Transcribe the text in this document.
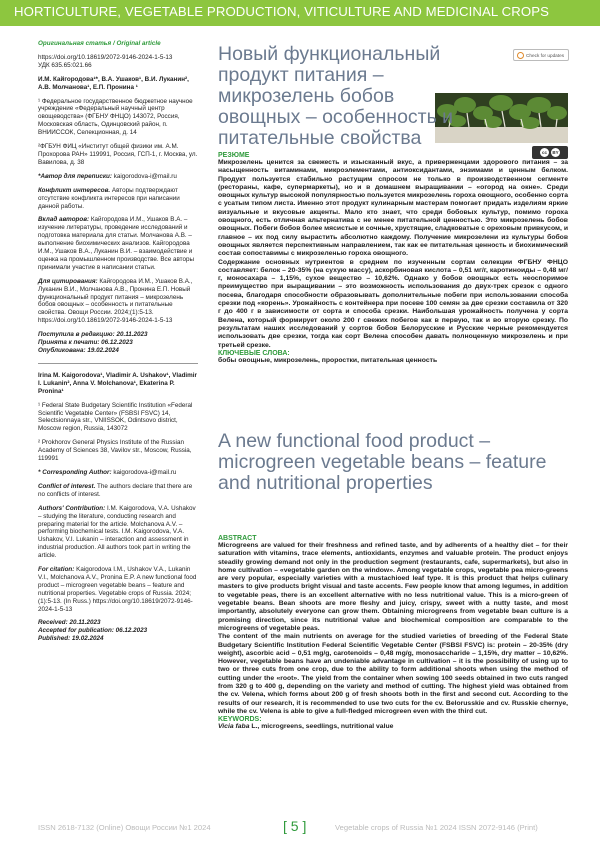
HORTICULTURE, VEGETABLE PRODUCTION, VITICULTURE AND MEDICINAL CROPS

Оригинальная статья / Original article

https://doi.org/10.18619/2072-9146-2024-1-5-13
УДК 635.65:021.66

И.М. Кайгородова¹*, В.А. Ушаков¹, В.И. Луканин², А.В. Молчанова¹, Е.П. Пронина ¹

¹ Федеральное государственное бюджетное научное учреждение «Федеральный научный центр овощеводства» (ФГБНУ ФНЦО) 143072, Россия, Московская область, Одинцовский район, п. ВНИИССОК, Селекционная, д. 14

²ФГБУН ФИЦ «Институт общей физики им. А.М. Прохорова РАН» 119991, Россия, ГСП-1, г. Москва, ул. Вавилова, д. 38

*Автор для переписки: kaigorodova-i@mail.ru

Конфликт интересов. Авторы подтверждают отсутствие конфликта интересов при написании данной работы.

Вклад авторов: Кайгородова И.М., Ушаков В.А. – изучение литературы, проведение исследований и подготовка материала для статьи. Молчанова А.В. – выполнение биохимических анализов. Кайгородова И.М., Ушаков В.А., Луканин В.И. – взаимодействие и оценка на промышленном производстве. Все авторы принимали участие в написании статьи.

Для цитирования: Кайгородова И.М., Ушаков В.А., Луканин В.И., Молчанова А.В., Пронина Е.П. Новый функциональный продукт питания – микрозелень бобов овощных – особенность и питательные свойства. Овощи России. 2024;(1):5-13. https://doi.org/10.18619/2072-9146-2024-1-5-13

Поступила в редакцию: 20.11.2023
Принята к печати: 06.12.2023
Опубликована: 19.02.2024

Irina M. Kaigorodova¹, Vladimir A. Ushakov¹, Vladimir I. Lukanin², Anna V. Molchanova¹, Ekaterina P. Pronina¹

¹ Federal State Budgetary Scientific Institution «Federal Scientific Vegetable Center» (FSBSI FSVC) 14, Selectsionnaya str., VNIISSOK, Odintsovo district, Moscow region, Russia, 143072

² Prokhorov General Physics Institute of the Russian Academy of Sciences 38, Vavilov str., Moscow, Russia, 119991

* Corresponding Author: kaigorodova-i@mail.ru

Conflict of interest. The authors declare that there are no conflicts of interest.

Authors' Contribution: I.M. Kaigorodova, V.A. Ushakov – studying the literature, conducting research and preparing material for the article. Molchanova A.V. – performing biochemical tests. I.M. Kaigorodova, V.A. Ushakov, V.I. Lukanin – interaction and assessment in industrial production. All authors took part in writing the article.

For citation: Kaigorodova I.M., Ushakov V.A., Lukanin V.I., Molchanova A.V., Pronina E.P. A new functional food product – microgreen vegetable beans – feature and nutritional properties. Vegetable crops of Russia. 2024;(1):5-13. (In Russ.) https://doi.org/10.18619/2072-9146-2024-1-5-13

Received: 20.11.2023
Accepted for publication: 06.12.2023
Published: 19.02.2024

Check for updates
cc	BY
Новый функциональный продукт питания – микрозелень бобов овощных – особенность и питательные свойства

РЕЗЮМЕ

Микрозелень ценится за свежесть и изысканный вкус, а приверженцами здорового питания – за насыщенность витаминами, микроэлементами, антиоксидантами, энзимами и ценным белком. Продукт пользуется стабильно растущим спросом не только в производственном сегменте (рестораны, кафе, супермаркеты), но и в домашнем выращивании – «огород на окне». Среди овощных культур высокой популярностью пользуется микрозелень гороха овощного, особенно сорта с усатым типом листа. Именно этот продукт кулинарным мастерам помогает придать изделиям яркие визуальные и вкусовые акценты. Мало кто знает, что среди бобовых культур, помимо гороха овощного, есть отличная альтернатива с не менее питательной ценностью. Это микрозелень бобов овощных. Побеги бобов более мясистые и сочные, хрустящие, сладковатые с ореховым привкусом, и главное – их под силу вырастить абсолютно каждому. Получение микрозелени из культуры бобов овощных является перспективным направлением, так как ее питательная ценность и биохимический состав сопоставимы с микрозеленью гороха овощного.

Содержание основных нутриентов в среднем по изученным сортам селекции ФГБНУ ФНЦО составляет: белок – 20-35% (на сухую массу), аскорбиновая кислота – 0,51 мг/г, каротиноиды – 0,48 мг/г, моносахара – 1,15%, сухое вещество – 10,62%. Однако у бобов овощных есть неоспоримое преимущество при выращивании – это возможность использования до двух-трех срезок с одного посева, благодаря способности образовывать дополнительные побеги при использовании способа срезки под «корень». Урожайность с контейнера при посеве 100 семян за две срезки составила от 320 г до 400 г в зависимости от сорта и способа срезки. Наибольшая урожайность получена у сорта Велена, который формирует около 200 г свежих побегов как в первую, так и во вторую срезку. По результатам наших исследований у сортов бобов Белорусские и Русские черные рекомендуется использовать две срезки, тогда как сорт Велена способен давать полноценную микрозелень и при третьей срезке.

КЛЮЧЕВЫЕ СЛОВА:

бобы овощные, микрозелень, проростки, питательная ценность
A new functional food product – microgreen vegetable beans – feature and nutritional properties

ABSTRACT

Microgreens are valued for their freshness and refined taste, and by adherents of a healthy diet – for their saturation with vitamins, trace elements, antioxidants, enzymes and valuable protein. The product enjoys steadily growing demand not only in the production segment (restaurants, cafe, supermarkets), but also in home cultivation – «vegetable garden on the window». Among vegetable crops, vegetable pea micro-greens are very popular, especially varieties with a mustachioed leaf type. It is this product that helps culinary masters to give products bright visual and taste accents. Few people know that among legumes, in addition to vegetable peas, there is an excellent alternative with no less nutritional value. This is a micro-green of vegetable beans. Bean shoots are more fleshy and juicy, crispy, sweet with a nutty taste, and most importantly, absolutely everyone can grow them. Obtaining microgreens from vegetable bean culture is a promising direction, since its nutritional value and biochemical composition are comparable to the microgreens of vegetable peas.

The content of the main nutrients on average for the studied varieties of breeding of the Federal State Budgetary Scientific Institution Federal Scientific Vegetable Center (FSBSI FSVC) is: protein – 20-35% (dry weight), ascorbic acid – 0,51 mg/g, carotenoids – 0,48 mg/g, monosaccharide – 1,15%, dry matter – 10,62%. However, vegetable beans have an undeniable advantage in cultivation – it is the possibility of using up to two or three cuts from one crop, due to the ability to form additional shoots when using the method of cutting under the «root». The yield from the container when sowing 100 seeds obtained in two cuts ranged from 320 g to 400 g, depending on the variety and method of cutting. The highest yield was obtained from the cv. Velena, which forms about 200 g of fresh shoots both in the first and second cut. According to the results of our research, it is recommended to use two cuts for the cv. Belorusskie and cv. Russkie chernye, while the cv. Velena is able to give a full-fledged microgreen even with the third cut.

KEYWORDS:

Vicia faba L., microgreens, seedlings, nutritional value
ISSN 2618-7132 (Online) Овощи России №1 2024	[ 5 ]	Vegetable crops of Russia №1 2024 ISSN 2072-9146 (Print)
